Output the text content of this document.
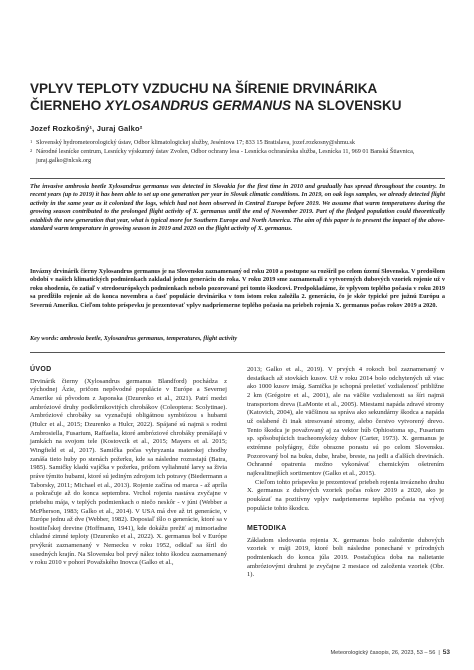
VPLYV TEPLOTY VZDUCHU NA ŠÍRENIE DRVINÁRIKA
ČIERNEHO XYLOSANDRUS GERMANUS NA SLOVENSKU
Jozef Rozkošný¹, Juraj Galko²
1 Slovenský hydrometeorologický ústav, Odbor klimatologickej služby, Jeséniova 17; 833 15 Bratislava, jozef.rozkosny@shmu.sk
2 Národné lesnícke centrum, Lesnícky výskumný ústav Zvolen, Odbor ochrany lesa - Lesnícka ochranárska služba, Lesnícka 11, 969 01 Banská Štiavnica, juraj.galko@nlcsk.org
The invasive ambrosia beetle Xylosandrus germanus was detected in Slovakia for the first time in 2010 and gradually has spread throughout the country. In recent years (up to 2019) it has been able to set up one generation per year in Slovak climatic conditions. In 2019, on oak logs samples, we already detected flight activity in the same year as it colonized the logs, which had not been observed in Central Europe before 2019. We assume that warm temperatures during the growing season contributed to the prolonged flight activity of X. germanus until the end of November 2019. Part of the fledged population could theoretically establish the new generation that year, what is typical more for Southern Europe and North America. The aim of this paper is to present the impact of the above-standard warm temperature in growing season in 2019 and 2020 on the flight activity of X. germanus.
Invázny drvinárik čierny Xylosandrus germanus je na Slovensku zaznamenaný od roku 2010 a postupne sa rozšíril po celom území Slovenska. V predošlom období v našich klimatických podmienkach zakladal jednu generáciu do roka. V roku 2019 sme zaznamenali z vytvorených dubových vzoriek rojenie už v roku ohodenia, čo zatiaľ v stredoeurópskych podmienkach nebolo pozorované pri tomto škodcovi. Predpokladáme, že vplyvom teplého počasia v roku 2019 sa predĺžilo rojenie až do konca novembra a časť populácie drvinárika v tom istom roku založila 2. generáciu, čo je skôr typické pre južnú Európu a Severnú Ameriku. Cieľom tohto príspevku je prezentovať vplyv nadpriemerne teplého počasia na priebeh rojenia X. germanus počas rokov 2019 a 2020.
Key words: ambrosia beetle, Xylosandrus germanus, temperatures, flight activity
ÚVOD

Drvinárik čierny (Xylosandrus germanus Blandford) pochádza z východnej Ázie, pričom nepôvodné populácie v Európe a Severnej Amerike sú pôvodom z Japonska (Dzurenko et al., 2021). Patrí medzi ambróziové druhy podkôrnikovitých chrobákov (Coleoptera: Scolytinae). Ambróziové chrobáky sa vyznačujú obligátnou symbiózou s hubami (Hulcr et al., 2015; Dzurenko a Hulcr, 2022). Spájané sú najmä s rodmi Ambrosiella, Fusarium, Raffaelia, ktoré ambróziové chrobáky prenášajú v jamkách na svojom tele (Kostovcik et al., 2015; Mayers et al. 2015; Wingfield et al, 2017). Samička počas vyhryzania materskej chodby zanáša tieto huby po stenách požerku, kde sa následne rozrastajú (Batra, 1985). Samičky kladú vajíčka v požerku, pričom vyliahnuté larvy sa živia práve týmito hubami, ktoré sú jediným zdrojom ich potravy (Biedermann a Taborsky, 2011; Michael et al., 2013). Rojenie začína od marca - až apríla a pokračuje až do konca septembra. Vrchol rojenia nastáva zvyčajne v priebehu mája, v teplých podmienkach o niečo neskôr - v júni (Webber a McPherson, 1983; Galko et al., 2014). V USA má dve až tri generácie, v Európe jednu až dve (Webber, 1982). Doposiaľ išlo o generácie, ktoré sa v hostiteľskej drevine (Hoffmann, 1941), kde dokážu prežiť aj mimoriadne chladné zimné teploty (Dzurenko et al., 2022). X. germanus bol v Európe prvýkrát zaznamenaný v Nemecku v roku 1952, odkiaľ sa šíril do susedných krajín. Na Slovensku bol prvý nález tohto škodcu zaznamenaný v roku 2010 v pohorí Považského Inovca (Galko et al.,

2013; Galko et al., 2019). V prvých 4 rokoch bol zaznamenaný v desiatkach až stovkách kusov. Už v roku 2014 bolo odchytených už viac ako 1000 kusov imág. Samička je schopná preletieť vzdialenosť približne 2 km (Grégoire et al., 2001), ale na väčšie vzdialenosti sa šíri najmä transportom dreva (LaMonte et al., 2005). Miestami napáda zdravé stromy (Katovich, 2004), ale väčšinou sa správa ako sekundárny škodca a napáda už oslabené či inak stresované stromy, alebo čerstvo vytvorený drevo. Tento škodca je považovaný aj za vektor húb Ophiostoma sp., Fusarium sp. spôsobujúcich tracheomykózy dubov (Carter, 1973). X. germanus je extrémne polyfágny, čiže obrazne porastu sú po celom Slovensku. Pozorovaný bol na buku, dube, hrabe, breste, na jedli a ďalších drevinách. Ochranné opatrenia možno vykonávať chemickým ošetrením najkvalitnejších sortimentov (Galko et al., 2015).

Cieľom tohto príspevku je prezentovať priebeh rojenia invázneho druhu X. germanus z dubových vzoriek počas rokov 2019 a 2020, ako je poukázať na pozitívny vplyv nadpriemerne teplého počasia na vývoj populácie tohto škodcu.

METODIKA

Základom sledovania rojenia X. germanus bolo založenie dubových vzoriek v máji 2019, ktoré boli následne ponechané v prírodných podmienkach do konca júla 2019. Postačujúca doba na nalietanie ambróziovými druhmi je zvyčajne 2 mesiace od založenia vzoriek (Obr. 1).

Meteorologický časopis, 26, 2023, 53 – 56 | 53
